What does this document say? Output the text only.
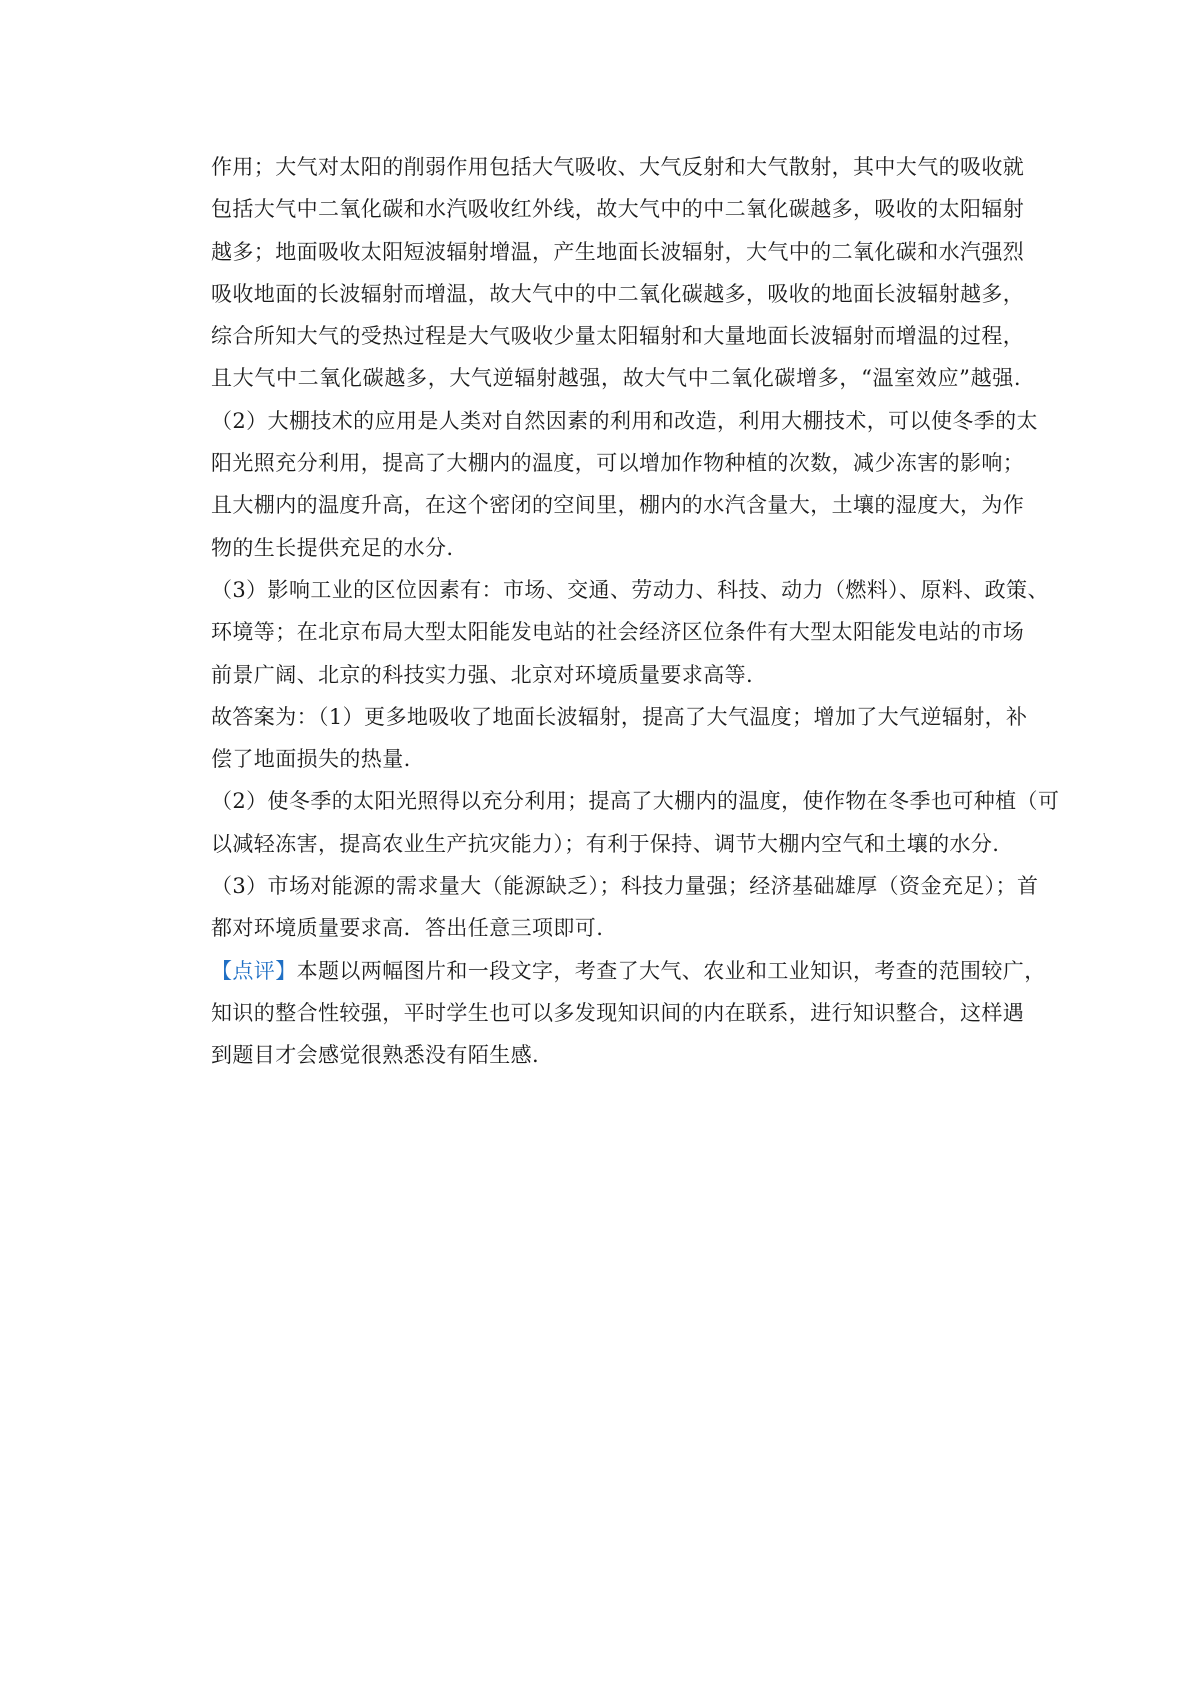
作用；大气对太阳的削弱作用包括大气吸收、大气反射和大气散射，其中大气的吸收就
包括大气中二氧化碳和水汽吸收红外线，故大气中的中二氧化碳越多，吸收的太阳辐射
越多；地面吸收太阳短波辐射增温，产生地面长波辐射，大气中的二氧化碳和水汽强烈
吸收地面的长波辐射而增温，故大气中的中二氧化碳越多，吸收的地面长波辐射越多，
综合所知大气的受热过程是大气吸收少量太阳辐射和大量地面长波辐射而增温的过程，
且大气中二氧化碳越多，大气逆辐射越强，故大气中二氧化碳增多，“温室效应”越强.
（2）大棚技术的应用是人类对自然因素的利用和改造，利用大棚技术，可以使冬季的太
阳光照充分利用，提高了大棚内的温度，可以增加作物种植的次数，减少冻害的影响；
且大棚内的温度升高，在这个密闭的空间里，棚内的水汽含量大，土壤的湿度大，为作
物的生长提供充足的水分.
（3）影响工业的区位因素有：市场、交通、劳动力、科技、动力（燃料）、原料、政策、
环境等；在北京布局大型太阳能发电站的社会经济区位条件有大型太阳能发电站的市场
前景广阔、北京的科技实力强、北京对环境质量要求高等.
故答案为：（1）更多地吸收了地面长波辐射，提高了大气温度；增加了大气逆辐射，补
偿了地面损失的热量.
（2）使冬季的太阳光照得以充分利用；提高了大棚内的温度，使作物在冬季也可种植（可
以减轻冻害，提高农业生产抗灾能力）；有利于保持、调节大棚内空气和土壤的水分.
（3）市场对能源的需求量大（能源缺乏）；科技力量强；经济基础雄厚（资金充足）；首
都对环境质量要求高．答出任意三项即可.
【点评】本题以两幅图片和一段文字，考查了大气、农业和工业知识，考查的范围较广，
知识的整合性较强，平时学生也可以多发现知识间的内在联系，进行知识整合，这样遇
到题目才会感觉很熟悉没有陌生感.
